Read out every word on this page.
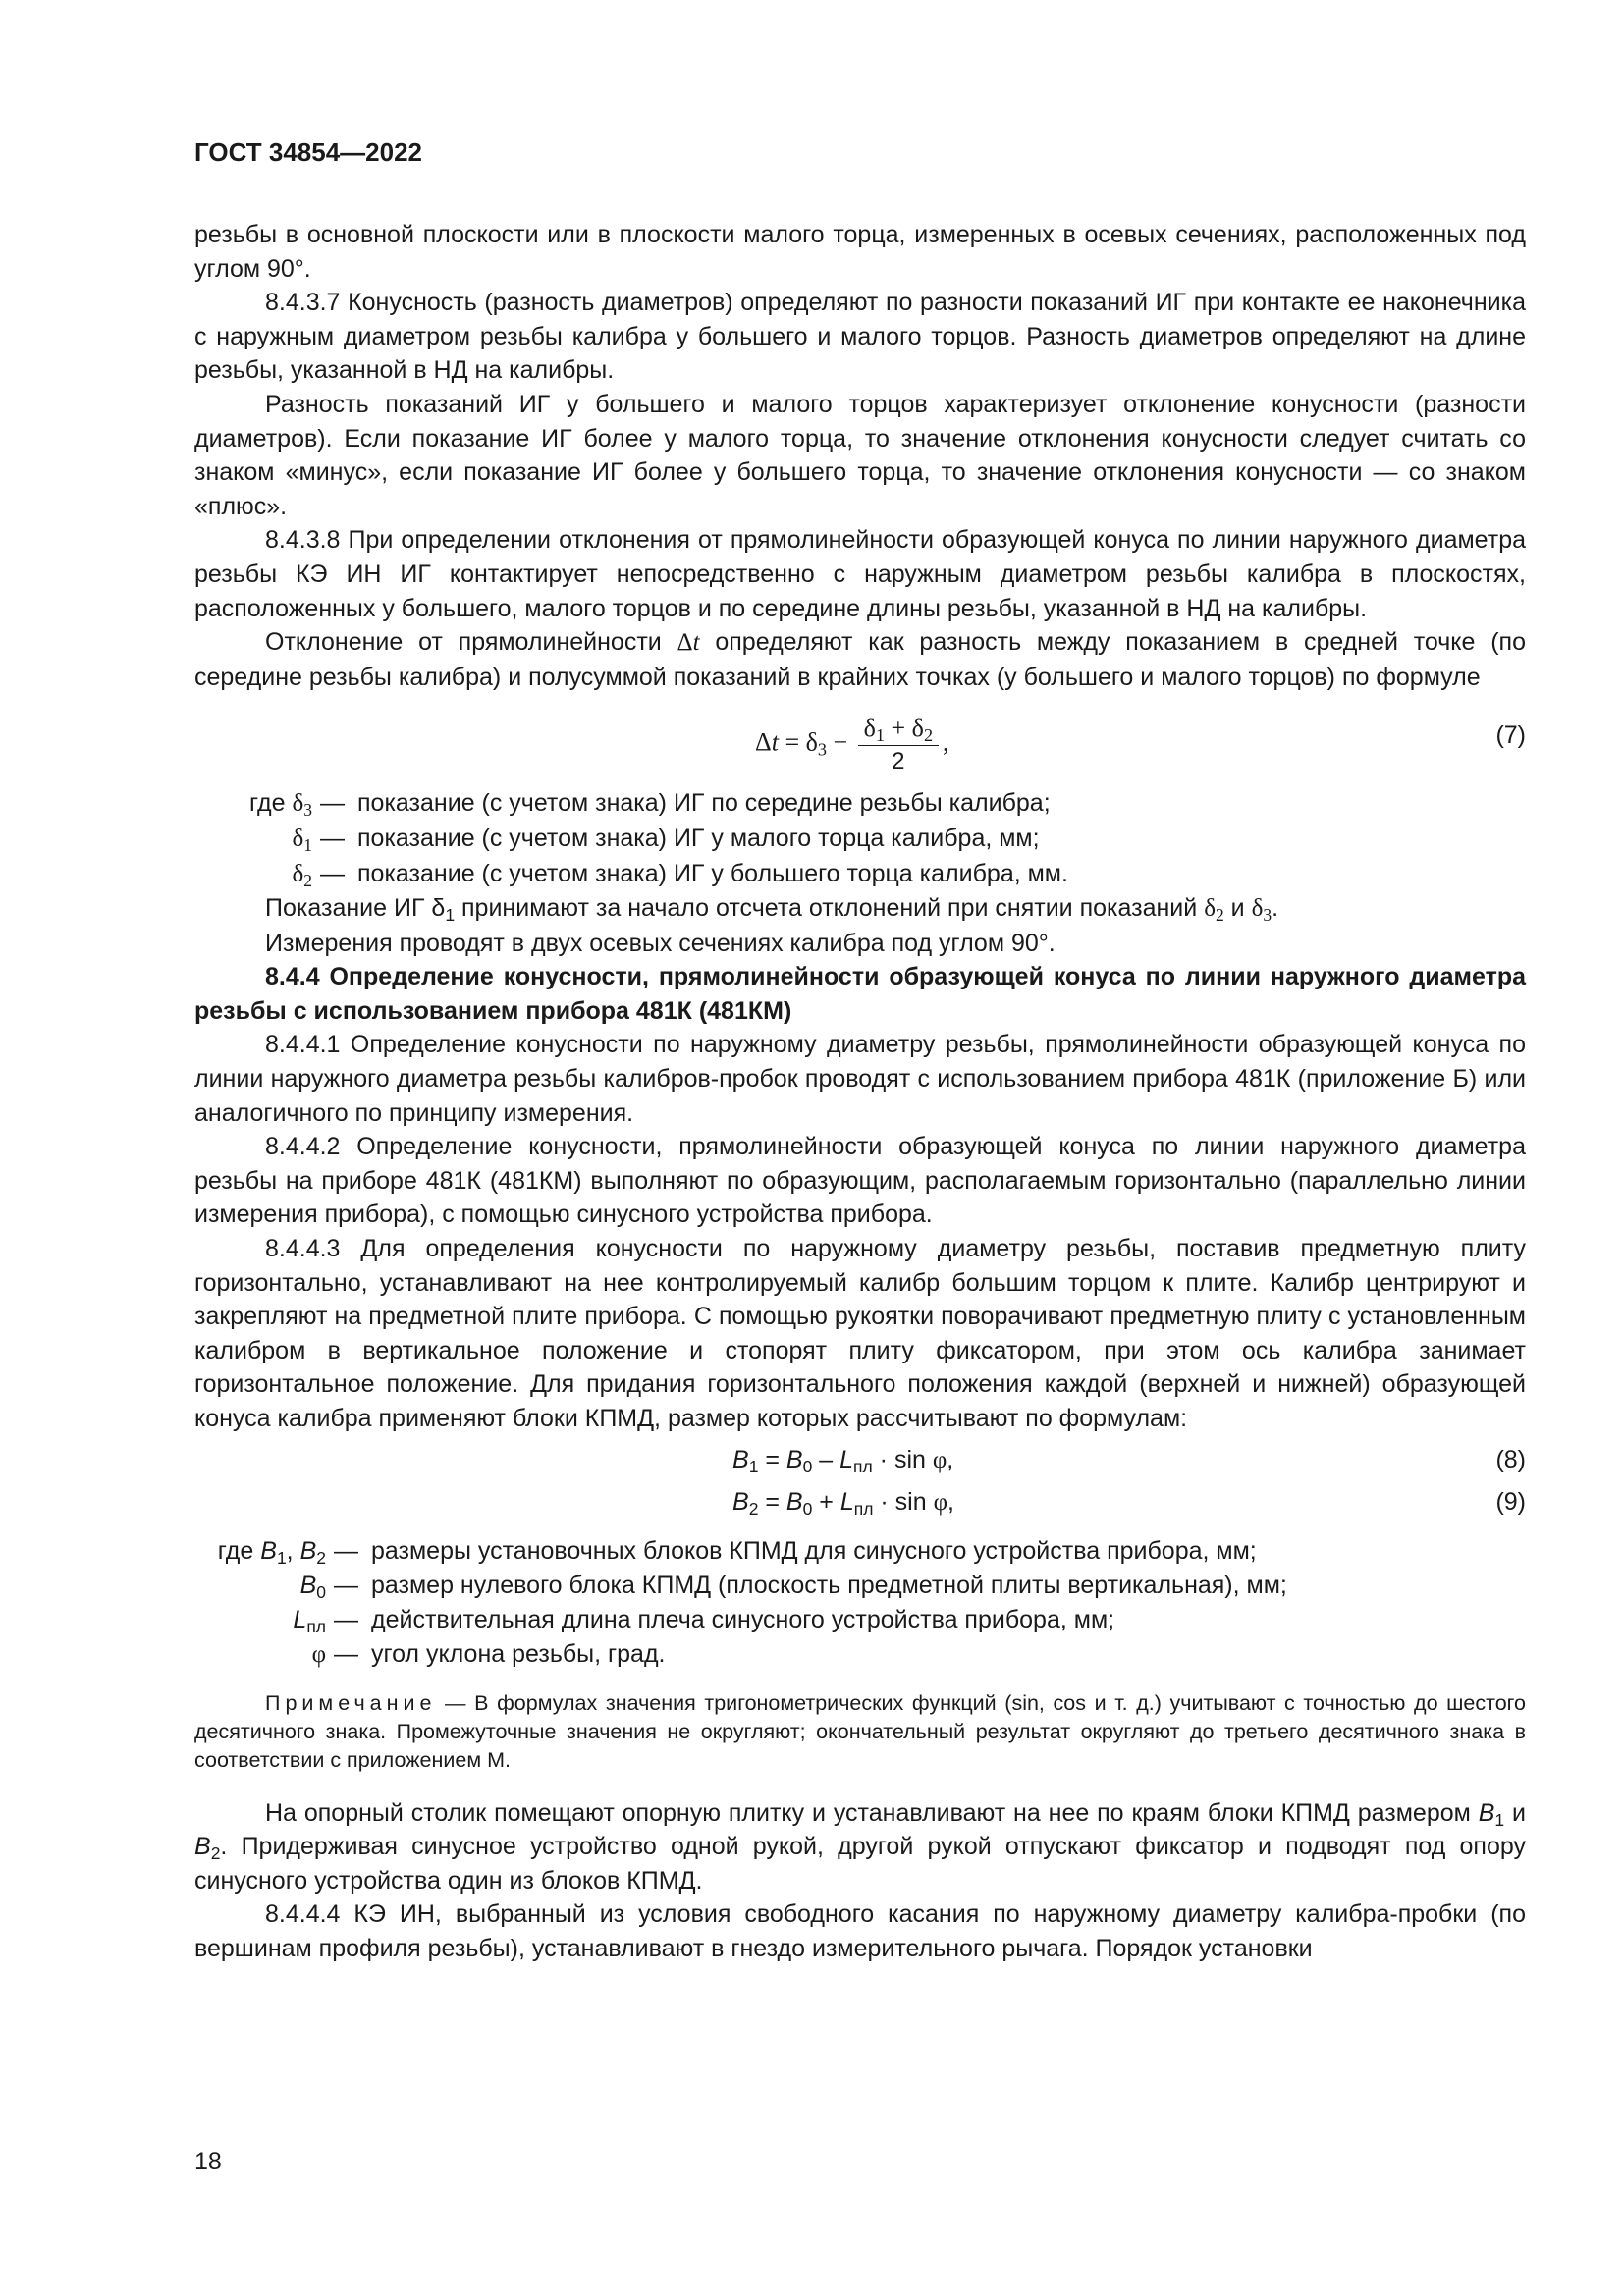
ГОСТ 34854—2022

резьбы в основной плоскости или в плоскости малого торца, измеренных в осевых сечениях, расположенных под углом 90°.

8.4.3.7 Конусность (разность диаметров) определяют по разности показаний ИГ при контакте ее наконечника с наружным диаметром резьбы калибра у большего и малого торцов. Разность диаметров определяют на длине резьбы, указанной в НД на калибры.

Разность показаний ИГ у большего и малого торцов характеризует отклонение конусности (разности диаметров). Если показание ИГ более у малого торца, то значение отклонения конусности следует считать со знаком «минус», если показание ИГ более у большего торца, то значение отклонения конусности — со знаком «плюс».

8.4.3.8 При определении отклонения от прямолинейности образующей конуса по линии наружного диаметра резьбы КЭ ИН ИГ контактирует непосредственно с наружным диаметром резьбы калибра в плоскостях, расположенных у большего, малого торцов и по середине длины резьбы, указанной в НД на калибры.

Отклонение от прямолинейности Δt определяют как разность между показанием в средней точке (по середине резьбы калибра) и полусуммой показаний в крайних точках (у большего и малого торцов) по формуле

$\Delta t = \delta_3 - \frac{\delta_1 + \delta_2}{2}$ ,	(7)
где $\delta_3$ — показание (с учетом знака) ИГ по середине резьбы калибра;
$\delta_1$ — показание (с учетом знака) ИГ у малого торца калибра, мм;
$\delta_2$ — показание (с учетом знака) ИГ у большего торца калибра, мм.

Показание ИГ $\delta_1$ принимают за начало отсчета отклонений при снятии показаний $\delta_2$ и $\delta_3$.

Измерения проводят в двух осевых сечениях калибра под углом 90°.

8.4.4 Определение конусности, прямолинейности образующей конуса по линии наружного диаметра резьбы с использованием прибора 481К (481КМ)

8.4.4.1 Определение конусности по наружному диаметру резьбы, прямолинейности образующей конуса по линии наружного диаметра резьбы калибров-пробок проводят с использованием прибора 481К (приложение Б) или аналогичного по принципу измерения.

8.4.4.2 Определение конусности, прямолинейности образующей конуса по линии наружного диаметра резьбы на приборе 481К (481КМ) выполняют по образующим, располагаемым горизонтально (параллельно линии измерения прибора), с помощью синусного устройства прибора.

8.4.4.3 Для определения конусности по наружному диаметру резьбы, поставив предметную плиту горизонтально, устанавливают на нее контролируемый калибр большим торцом к плите. Калибр центрируют и закрепляют на предметной плите прибора. С помощью рукоятки поворачивают предметную плиту с установленным калибром в вертикальное положение и стопорят плиту фиксатором, при этом ось калибра занимает горизонтальное положение. Для придания горизонтального положения каждой (верхней и нижней) образующей конуса калибра применяют блоки КПМД, размер которых рассчитывают по формулам:

$B_1 = B_0 - L_{пл} \cdot \sin \varphi$,	(8)
$B_2 = B_0 + L_{пл} \cdot \sin \varphi$,	(9)
где $B_1$, $B_2$ — размеры установочных блоков КПМД для синусного устройства прибора, мм;
$B_0$ — размер нулевого блока КПМД (плоскость предметной плиты вертикальная), мм;
$L_{пл}$ — действительная длина плеча синусного устройства прибора, мм;
φ — угол уклона резьбы, град.
Примечание — В формулах значения тригонометрических функций (sin, cos и т. д.) учитывают с точностью до шестого десятичного знака. Промежуточные значения не округляют; окончательный результат округляют до третьего десятичного знака в соответствии с приложением М.

На опорный столик помещают опорную плитку и устанавливают на нее по краям блоки КПМД размером $B_1$ и $B_2$. Придерживая синусное устройство одной рукой, другой рукой отпускают фиксатор и подводят под опору синусного устройства один из блоков КПМД.

8.4.4.4 КЭ ИН, выбранный из условия свободного касания по наружному диаметру калибра-пробки (по вершинам профиля резьбы), устанавливают в гнездо измерительного рычага. Порядок установки

18
